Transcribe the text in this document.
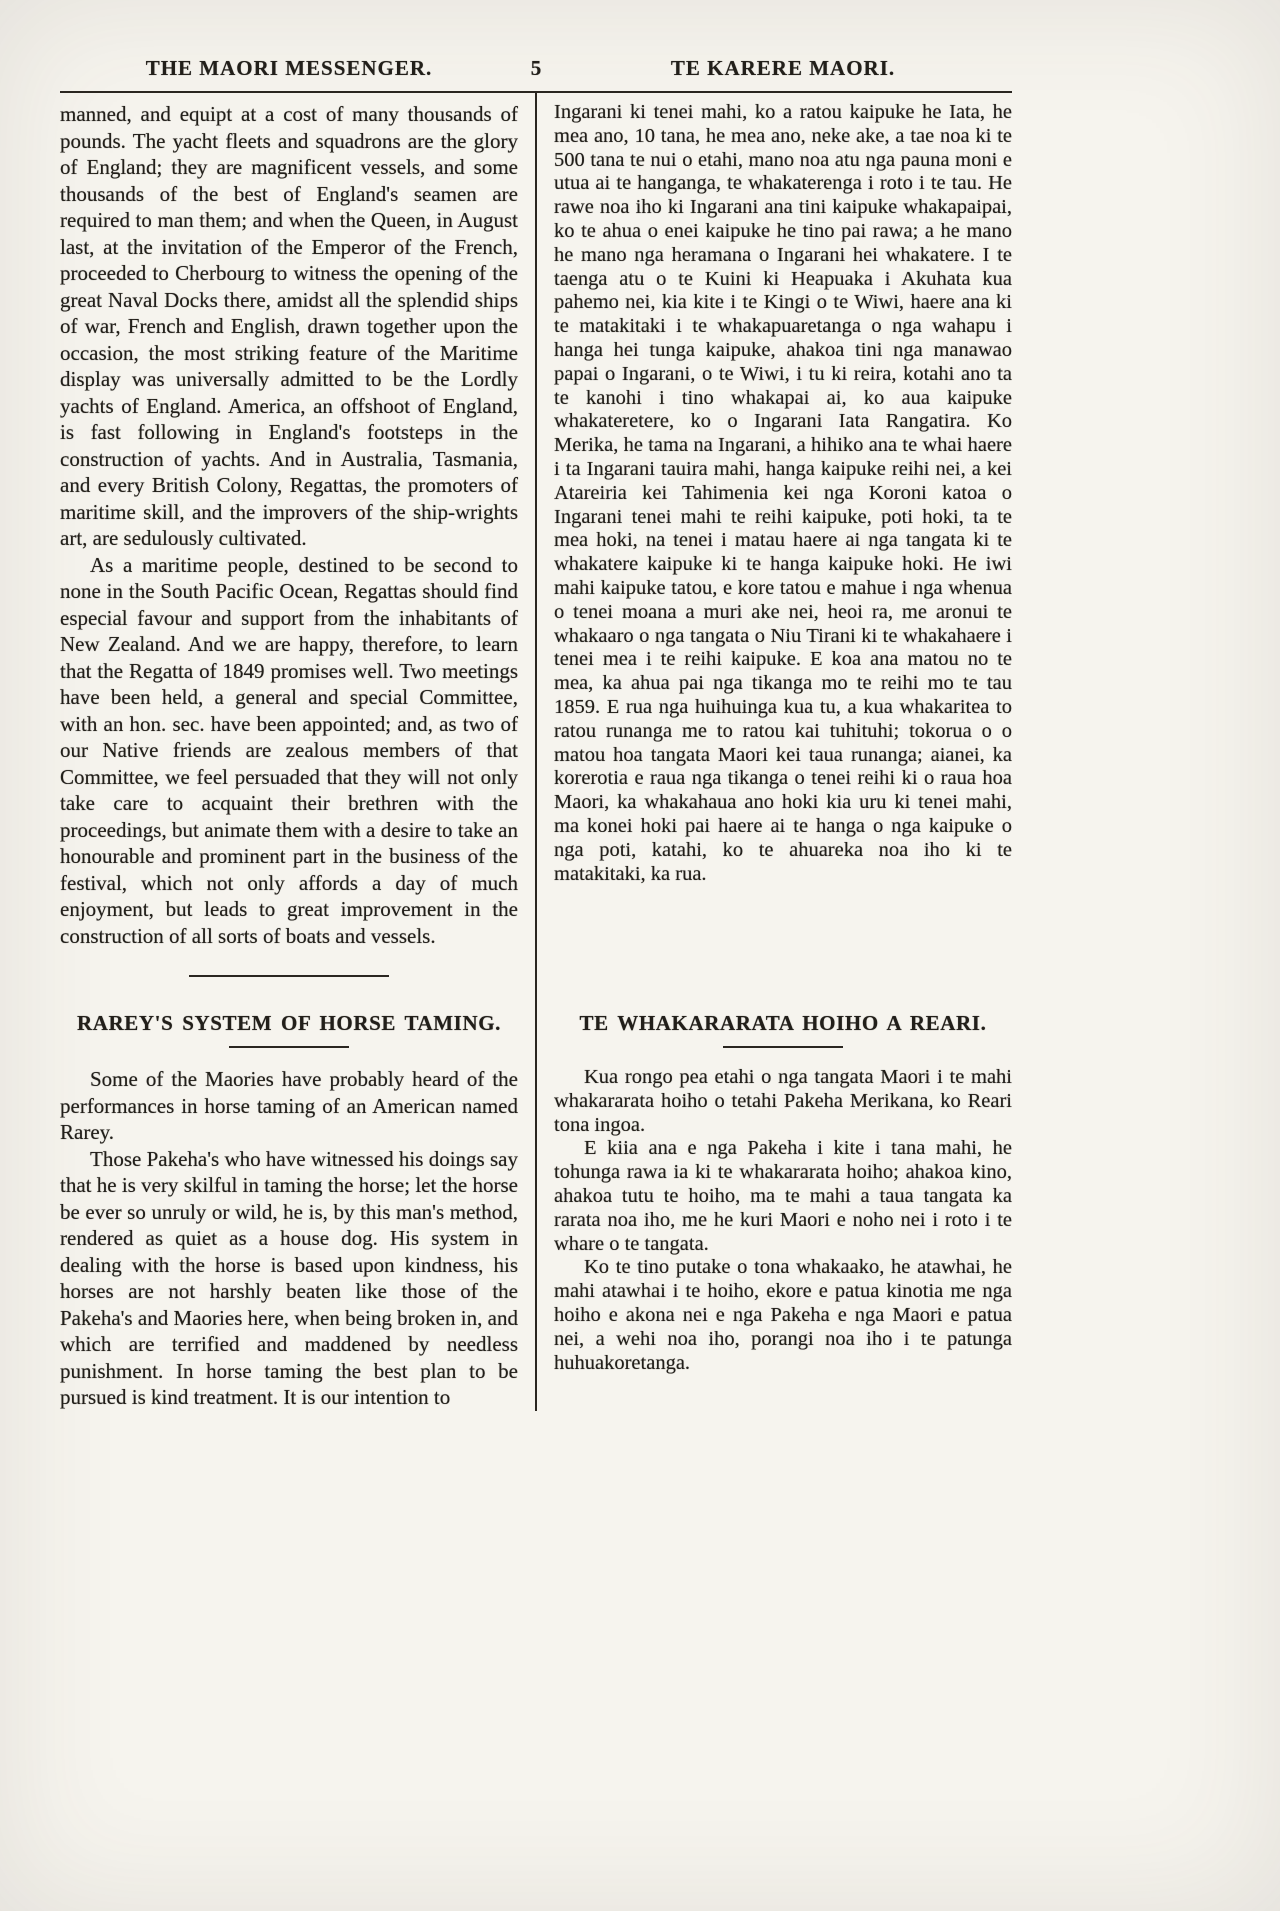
THE MAORI MESSENGER.	5	TE KARERE MAORI.

manned, and equipt at a cost of many thousands of pounds. The yacht fleets and squadrons are the glory of England; they are magnificent vessels, and some thousands of the best of England's seamen are required to man them; and when the Queen, in August last, at the invitation of the Emperor of the French, proceeded to Cherbourg to witness the opening of the great Naval Docks there, amidst all the splendid ships of war, French and English, drawn together upon the occasion, the most striking feature of the Maritime display was universally admitted to be the Lordly yachts of England. America, an offshoot of England, is fast following in England's footsteps in the construction of yachts. And in Australia, Tasmania, and every British Colony, Regattas, the promoters of maritime skill, and the improvers of the ship-wrights art, are sedulously cultivated.

As a maritime people, destined to be second to none in the South Pacific Ocean, Regattas should find especial favour and support from the inhabitants of New Zealand. And we are happy, therefore, to learn that the Regatta of 1849 promises well. Two meetings have been held, a general and special Committee, with an hon. sec. have been appointed; and, as two of our Native friends are zealous members of that Committee, we feel persuaded that they will not only take care to acquaint their brethren with the proceedings, but animate them with a desire to take an honourable and prominent part in the business of the festival, which not only affords a day of much enjoyment, but leads to great improvement in the construction of all sorts of boats and vessels.

Ingarani ki tenei mahi, ko a ratou kaipuke he Iata, he mea ano, 10 tana, he mea ano, neke ake, a tae noa ki te 500 tana te nui o etahi, mano noa atu nga pauna moni e utua ai te hanganga, te whakaterenga i roto i te tau. He rawe noa iho ki Ingarani ana tini kaipuke whakapaipai, ko te ahua o enei kaipuke he tino pai rawa; a he mano he mano nga heramana o Ingarani hei whakatere. I te taenga atu o te Kuini ki Heapuaka i Akuhata kua pahemo nei, kia kite i te Kingi o te Wiwi, haere ana ki te matakitaki i te whakapuaretanga o nga wahapu i hanga hei tunga kaipuke, ahakoa tini nga manawao papai o Ingarani, o te Wiwi, i tu ki reira, kotahi ano ta te kanohi i tino whakapai ai, ko aua kaipuke whakateretere, ko o Ingarani Iata Rangatira. Ko Merika, he tama na Ingarani, a hihiko ana te whai haere i ta Ingarani tauira mahi, hanga kaipuke reihi nei, a kei Atareiria kei Tahimenia kei nga Koroni katoa o Ingarani tenei mahi te reihi kaipuke, poti hoki, ta te mea hoki, na tenei i matau haere ai nga tangata ki te whakatere kaipuke ki te hanga kaipuke hoki. He iwi mahi kaipuke tatou, e kore tatou e mahue i nga whenua o tenei moana a muri ake nei, heoi ra, me aronui te whakaaro o nga tangata o Niu Tirani ki te whakahaere i tenei mea i te reihi kaipuke. E koa ana matou no te mea, ka ahua pai nga tikanga mo te reihi mo te tau 1859. E rua nga huihuinga kua tu, a kua whakaritea to ratou runanga me to ratou kai tuhituhi; tokorua o o matou hoa tangata Maori kei taua runanga; aianei, ka korerotia e raua nga tikanga o tenei reihi ki o raua hoa Maori, ka whakahaua ano hoki kia uru ki tenei mahi, ma konei hoki pai haere ai te hanga o nga kaipuke o nga poti, katahi, ko te ahuareka noa iho ki te matakitaki, ka rua.

RAREY'S SYSTEM OF HORSE TAMING.

Some of the Maories have probably heard of the performances in horse taming of an American named Rarey.

Those Pakeha's who have witnessed his doings say that he is very skilful in taming the horse; let the horse be ever so unruly or wild, he is, by this man's method, rendered as quiet as a house dog. His system in dealing with the horse is based upon kindness, his horses are not harshly beaten like those of the Pakeha's and Maories here, when being broken in, and which are terrified and maddened by needless punishment. In horse taming the best plan to be pursued is kind treatment. It is our intention to

TE WHAKARARATA HOIHO A REARI.

Kua rongo pea etahi o nga tangata Maori i te mahi whakararata hoiho o tetahi Pakeha Merikana, ko Reari tona ingoa.

E kiia ana e nga Pakeha i kite i tana mahi, he tohunga rawa ia ki te whakararata hoiho; ahakoa kino, ahakoa tutu te hoiho, ma te mahi a taua tangata ka rarata noa iho, me he kuri Maori e noho nei i roto i te whare o te tangata.

Ko te tino putake o tona whakaako, he atawhai, he mahi atawhai i te hoiho, ekore e patua kinotia me nga hoiho e akona nei e nga Pakeha e nga Maori e patua nei, a wehi noa iho, porangi noa iho i te patunga huhuakoretanga.
